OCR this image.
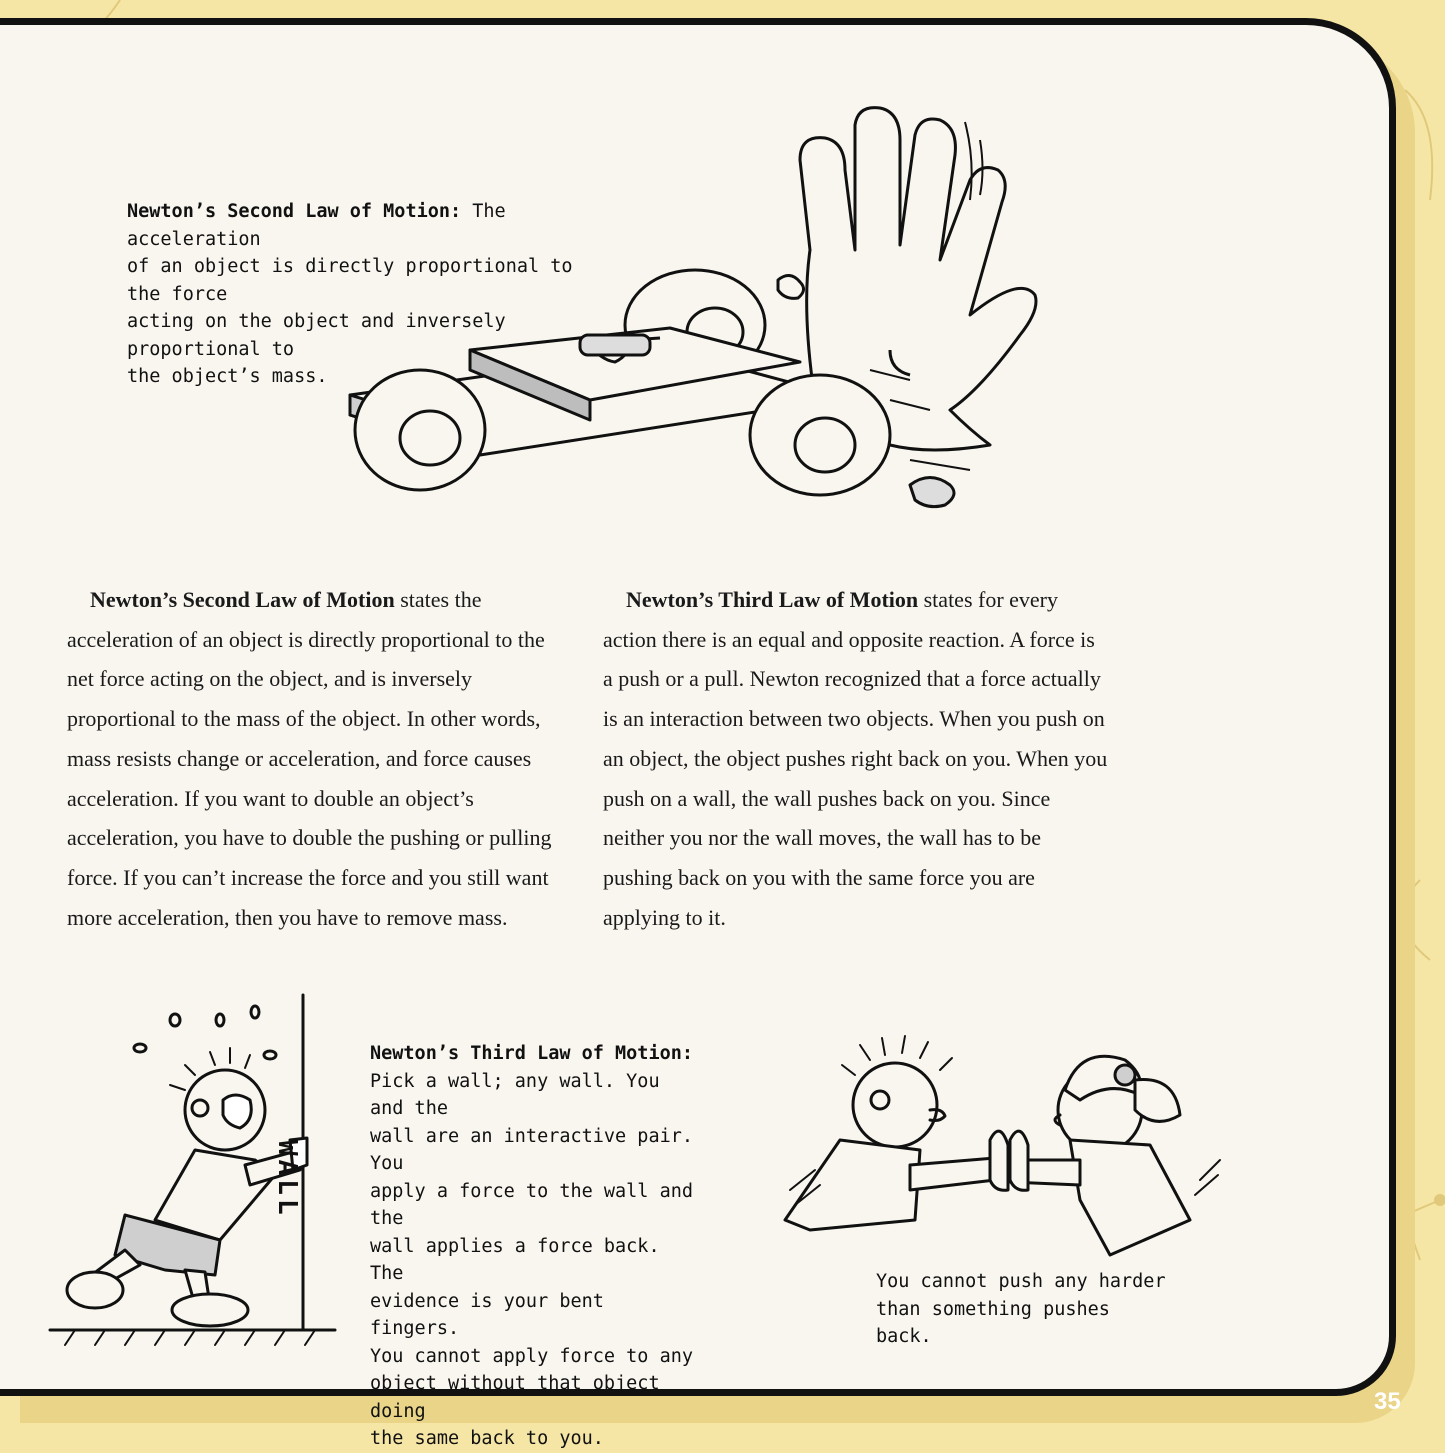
Newton’s Second Law of Motion: The acceleration
of an object is directly proportional to the force
acting on the object and inversely proportional to
the object’s mass.

Newton’s Second Law of Motion states the acceleration of an object is directly proportional to the net force acting on the object, and is inversely proportional to the mass of the object. In other words, mass resists change or acceleration, and force causes acceleration. If you want to double an object’s acceleration, you have to double the pushing or pulling force. If you can’t increase the force and you still want more acceleration, then you have to remove mass.

Newton’s Third Law of Motion states for every action there is an equal and opposite reaction. A force is a push or a pull. Newton recognized that a force actually is an interaction between two objects. When you push on an object, the object pushes right back on you. When you push on a wall, the wall pushes back on you. Since neither you nor the wall moves, the wall has to be pushing back on you with the same force you are applying to it.

WALL
Newton’s Third Law of Motion:
Pick a wall; any wall. You and the
wall are an interactive pair. You
apply a force to the wall and the
wall applies a force back. The
evidence is your bent fingers.
You cannot apply force to any
object without that object doing
the same back to you.
You cannot push any harder
than something pushes back.
35
